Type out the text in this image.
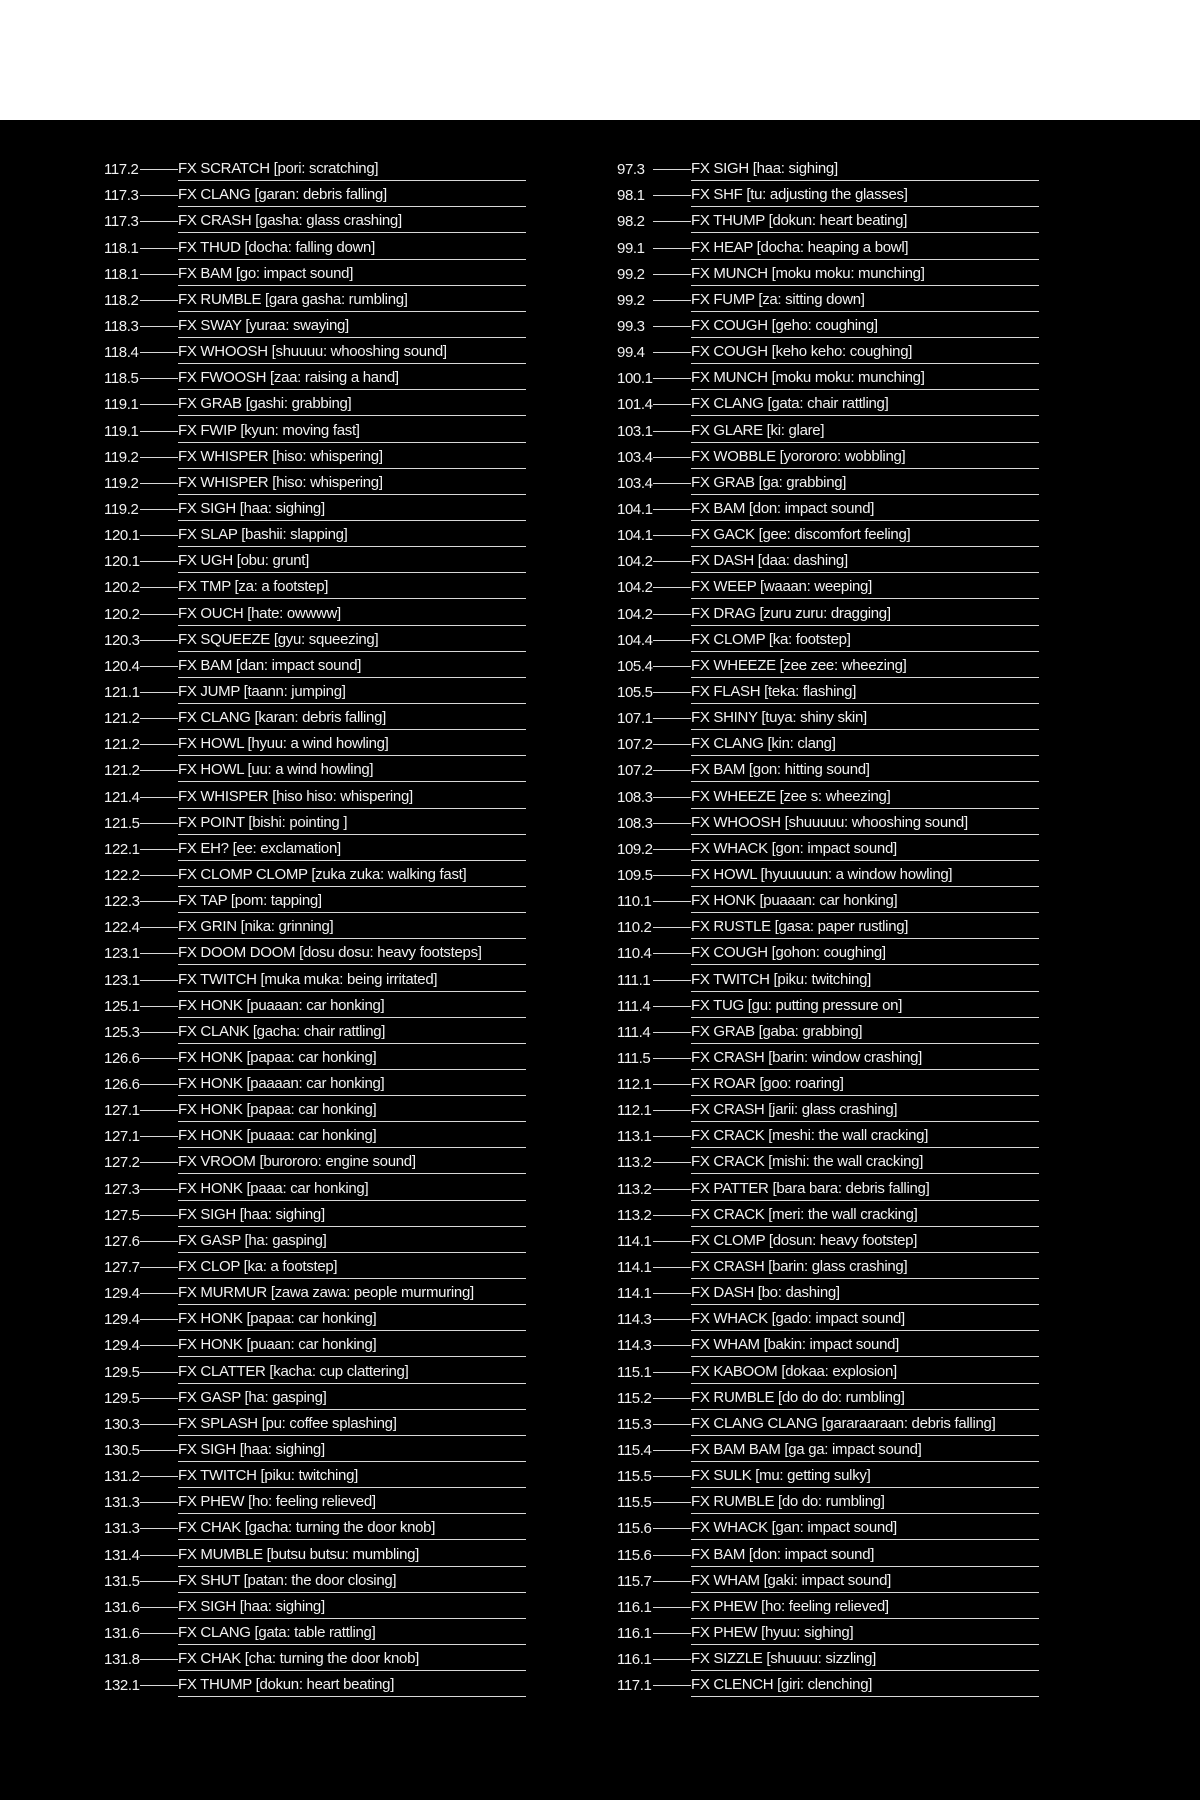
117.2	FX SCRATCH [pori: scratching]
117.3	FX CLANG [garan: debris falling]
117.3	FX CRASH [gasha: glass crashing]
118.1	FX THUD [docha: falling down]
118.1	FX BAM [go: impact sound]
118.2	FX RUMBLE [gara gasha: rumbling]
118.3	FX SWAY [yuraa: swaying]
118.4	FX WHOOSH [shuuuu: whooshing sound]
118.5	FX FWOOSH [zaa: raising a hand]
119.1	FX GRAB [gashi: grabbing]
119.1	FX FWIP [kyun: moving fast]
119.2	FX WHISPER [hiso: whispering]
119.2	FX WHISPER [hiso: whispering]
119.2	FX SIGH [haa: sighing]
120.1	FX SLAP [bashii: slapping]
120.1	FX UGH [obu: grunt]
120.2	FX TMP [za: a footstep]
120.2	FX OUCH [hate: owwww]
120.3	FX SQUEEZE [gyu: squeezing]
120.4	FX BAM [dan: impact sound]
121.1	FX JUMP [taann: jumping]
121.2	FX CLANG [karan: debris falling]
121.2	FX HOWL [hyuu: a wind howling]
121.2	FX HOWL [uu: a wind howling]
121.4	FX WHISPER [hiso hiso: whispering]
121.5	FX POINT [bishi: pointing ]
122.1	FX EH? [ee: exclamation]
122.2	FX CLOMP CLOMP [zuka zuka: walking fast]
122.3	FX TAP [pom: tapping]
122.4	FX GRIN [nika: grinning]
123.1	FX DOOM DOOM [dosu dosu: heavy footsteps]
123.1	FX TWITCH [muka muka: being irritated]
125.1	FX HONK [puaaan: car honking]
125.3	FX CLANK [gacha: chair rattling]
126.6	FX HONK [papaa: car honking]
126.6	FX HONK [paaaan: car honking]
127.1	FX HONK [papaa: car honking]
127.1	FX HONK [puaaa: car honking]
127.2	FX VROOM [burororo: engine sound]
127.3	FX HONK [paaa: car honking]
127.5	FX SIGH [haa: sighing]
127.6	FX GASP [ha: gasping]
127.7	FX CLOP [ka: a footstep]
129.4	FX MURMUR [zawa zawa: people murmuring]
129.4	FX HONK [papaa: car honking]
129.4	FX HONK [puaan: car honking]
129.5	FX CLATTER [kacha: cup clattering]
129.5	FX GASP [ha: gasping]
130.3	FX SPLASH [pu: coffee splashing]
130.5	FX SIGH [haa: sighing]
131.2	FX TWITCH [piku: twitching]
131.3	FX PHEW [ho: feeling relieved]
131.3	FX CHAK [gacha: turning the door knob]
131.4	FX MUMBLE [butsu butsu: mumbling]
131.5	FX SHUT [patan: the door closing]
131.6	FX SIGH [haa: sighing]
131.6	FX CLANG [gata: table rattling]
131.8	FX CHAK [cha: turning the door knob]
132.1	FX THUMP [dokun: heart beating]
97.3	FX SIGH [haa: sighing]
98.1	FX SHF [tu: adjusting the glasses]
98.2	FX THUMP [dokun: heart beating]
99.1	FX HEAP [docha: heaping a bowl]
99.2	FX MUNCH [moku moku: munching]
99.2	FX FUMP [za: sitting down]
99.3	FX COUGH [geho: coughing]
99.4	FX COUGH [keho keho: coughing]
100.1	FX MUNCH [moku moku: munching]
101.4	FX CLANG [gata: chair rattling]
103.1	FX GLARE [ki: glare]
103.4	FX WOBBLE [yorororo: wobbling]
103.4	FX GRAB [ga: grabbing]
104.1	FX BAM [don: impact sound]
104.1	FX GACK [gee: discomfort feeling]
104.2	FX DASH [daa: dashing]
104.2	FX WEEP [waaan: weeping]
104.2	FX DRAG [zuru zuru: dragging]
104.4	FX CLOMP [ka: footstep]
105.4	FX WHEEZE [zee zee: wheezing]
105.5	FX FLASH [teka: flashing]
107.1	FX SHINY [tuya: shiny skin]
107.2	FX CLANG [kin: clang]
107.2	FX BAM [gon: hitting sound]
108.3	FX WHEEZE [zee s: wheezing]
108.3	FX WHOOSH [shuuuuu: whooshing sound]
109.2	FX WHACK [gon: impact sound]
109.5	FX HOWL [hyuuuuun: a window howling]
110.1	FX HONK [puaaan: car honking]
110.2	FX RUSTLE [gasa: paper rustling]
110.4	FX COUGH [gohon: coughing]
111.1	FX TWITCH [piku: twitching]
111.4	FX TUG [gu: putting pressure on]
111.4	FX GRAB [gaba: grabbing]
111.5	FX CRASH [barin: window crashing]
112.1	FX ROAR [goo: roaring]
112.1	FX CRASH [jarii: glass crashing]
113.1	FX CRACK [meshi: the wall cracking]
113.2	FX CRACK [mishi: the wall cracking]
113.2	FX PATTER [bara bara: debris falling]
113.2	FX CRACK [meri: the wall cracking]
114.1	FX CLOMP [dosun: heavy footstep]
114.1	FX CRASH [barin: glass crashing]
114.1	FX DASH [bo: dashing]
114.3	FX WHACK [gado: impact sound]
114.3	FX WHAM [bakin: impact sound]
115.1	FX KABOOM [dokaa: explosion]
115.2	FX RUMBLE [do do do: rumbling]
115.3	FX CLANG CLANG [gararaaraan: debris falling]
115.4	FX BAM BAM [ga ga: impact sound]
115.5	FX SULK [mu: getting sulky]
115.5	FX RUMBLE [do do: rumbling]
115.6	FX WHACK [gan: impact sound]
115.6	FX BAM [don: impact sound]
115.7	FX WHAM [gaki: impact sound]
116.1	FX PHEW [ho: feeling relieved]
116.1	FX PHEW [hyuu: sighing]
116.1	FX SIZZLE [shuuuu: sizzling]
117.1	FX CLENCH [giri: clenching]
